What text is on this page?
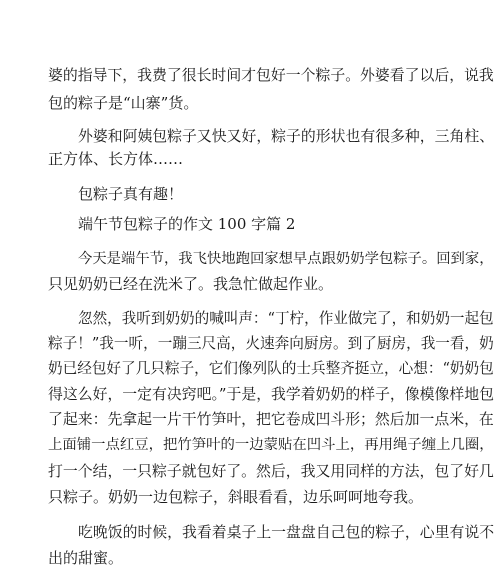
婆的指导下，我费了很长时间才包好一个粽子。外婆看了以后，说我
包的粽子是“山寨”货。
外婆和阿姨包粽子又快又好，粽子的形状也有很多种，三角柱、
正方体、长方体……
包粽子真有趣！
端午节包粽子的作文 100 字篇 2
今天是端午节，我飞快地跑回家想早点跟奶奶学包粽子。回到家，
只见奶奶已经在洗米了。我急忙做起作业。
忽然，我听到奶奶的喊叫声：“丁柠，作业做完了，和奶奶一起包
粽子！”我一听，一蹦三尺高，火速奔向厨房。到了厨房，我一看，奶
奶已经包好了几只粽子，它们像列队的士兵整齐挺立，心想：“奶奶包
得这么好，一定有决窍吧。”于是，我学着奶奶的样子，像模像样地包
了起来：先拿起一片干竹笋叶，把它卷成凹斗形；然后加一点米，在
上面铺一点红豆，把竹笋叶的一边蒙贴在凹斗上，再用绳子缠上几圈，
打一个结，一只粽子就包好了。然后，我又用同样的方法，包了好几
只粽子。奶奶一边包粽子，斜眼看看，边乐呵呵地夸我。
吃晚饭的时候，我看着桌子上一盘盘自己包的粽子，心里有说不
出的甜蜜。
